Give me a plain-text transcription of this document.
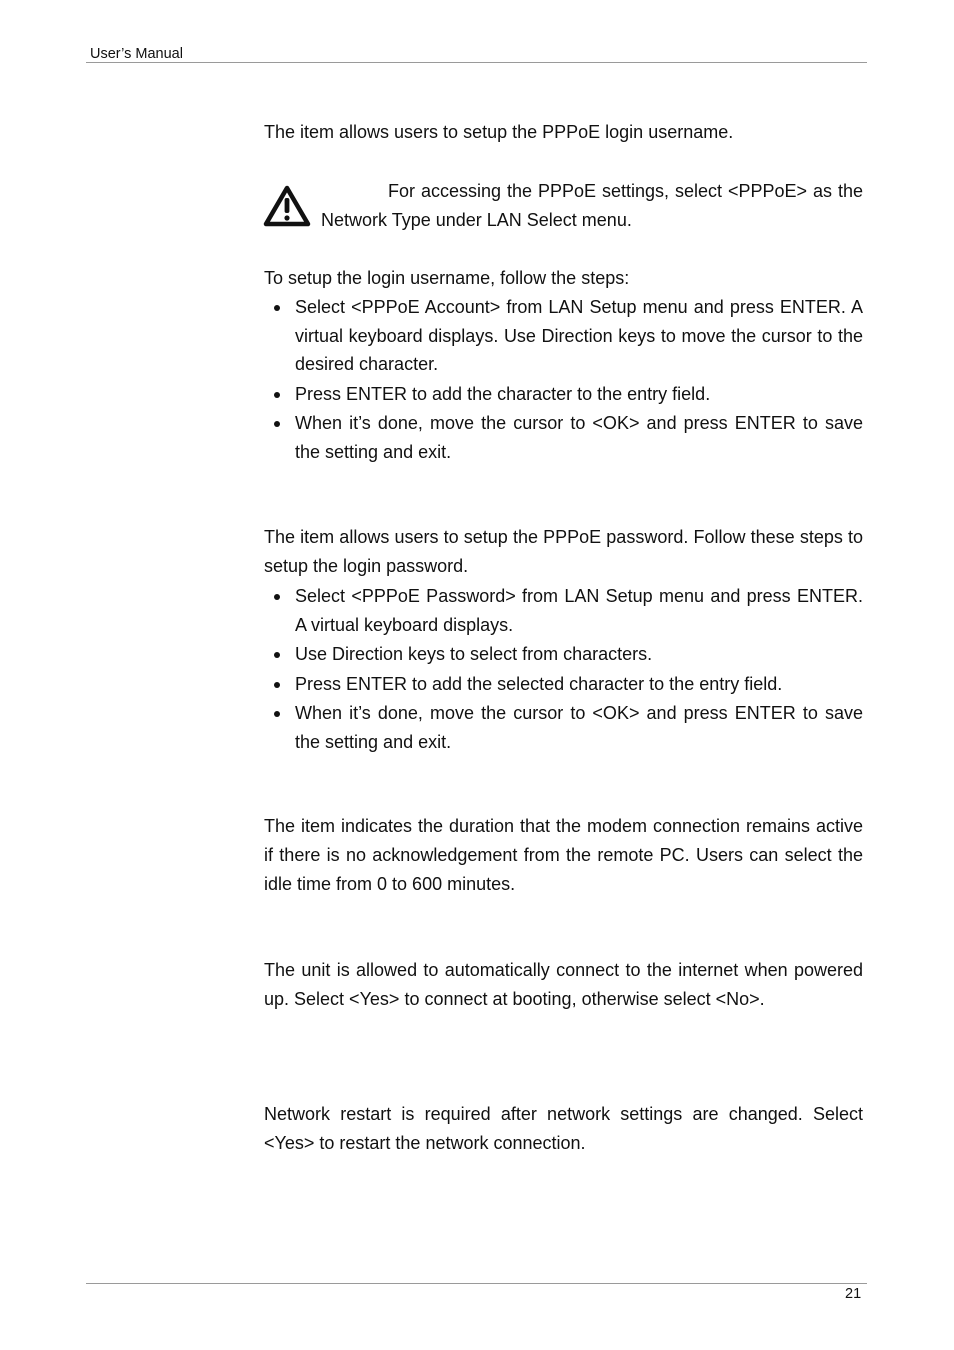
User’s Manual

The item allows users to setup the PPPoE login username.

For accessing the PPPoE settings, select <PPPoE> as the Network Type under LAN Select menu.

To setup the login username, follow the steps:

Select <PPPoE Account> from LAN Setup menu and press ENTER. A virtual keyboard displays. Use Direction keys to move the cursor to the desired character.
Press ENTER to add the character to the entry field.
When it’s done, move the cursor to <OK> and press ENTER to save the setting and exit.

The item allows users to setup the PPPoE password. Follow these steps to setup the login password.

Select <PPPoE Password> from LAN Setup menu and press ENTER. A virtual keyboard displays.
Use Direction keys to select from characters.
Press ENTER to add the selected character to the entry field.
When it’s done, move the cursor to <OK> and press ENTER to save the setting and exit.

The item indicates the duration that the modem connection remains active if there is no acknowledgement from the remote PC. Users can select the idle time from 0 to 600 minutes.

The unit is allowed to automatically connect to the internet when powered up. Select <Yes> to connect at booting, otherwise select <No>.

Network restart is required after network settings are changed. Select <Yes> to restart the network connection.

21
